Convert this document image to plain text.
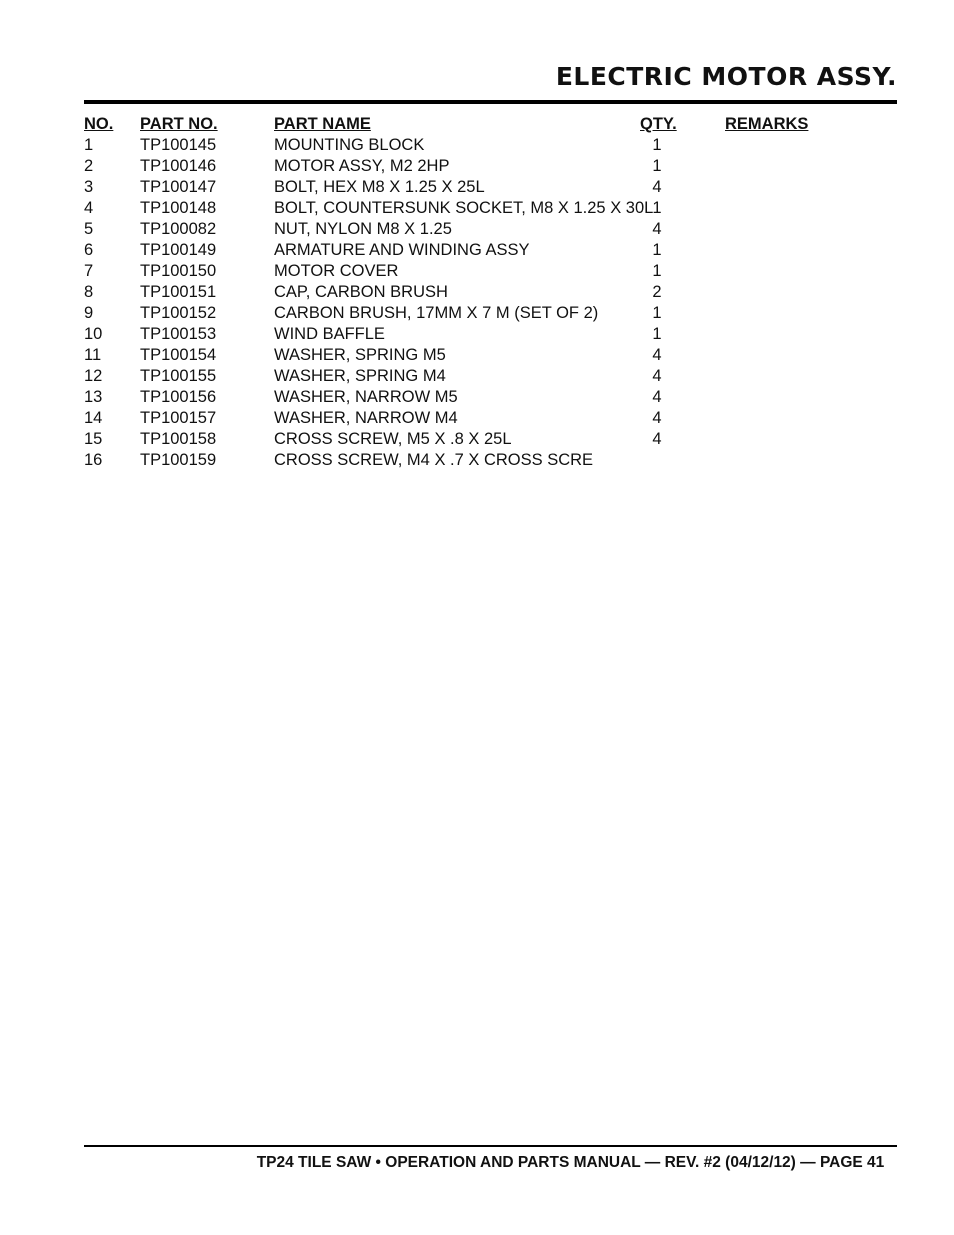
ELECTRIC MOTOR ASSY.
NO. PART NO.	PART NAME	QTY.	REMARKS
1	TP100145	MOUNTING BLOCK	1
2	TP100146	MOTOR ASSY, M2 2HP	1
3	TP100147	BOLT, HEX M8 X 1.25 X 25L	4
4	TP100148	BOLT, COUNTERSUNK SOCKET, M8 X 1.25 X 30L 1
5	TP100082	NUT, NYLON M8 X 1.25	4
6	TP100149	ARMATURE AND WINDING ASSY	1
7	TP100150	MOTOR COVER	1
8	TP100151	CAP, CARBON BRUSH	2
9	TP100152	CARBON BRUSH, 17MM X 7 M (SET OF 2)	1
10 TP100153	WIND BAFFLE	1
11 TP100154	WASHER, SPRING M5	4
12 TP100155	WASHER, SPRING M4	4
13 TP100156	WASHER, NARROW M5	4
14 TP100157	WASHER, NARROW M4	4
15 TP100158	CROSS SCREW, M5 X .8 X 25L	4
16 TP100159	CROSS SCREW, M4 X .7 X CROSS SCRE
TP24 TILE SAW • OPERATION AND PARTS MANUAL — REV. #2 (04/12/12) — PAGE 41
